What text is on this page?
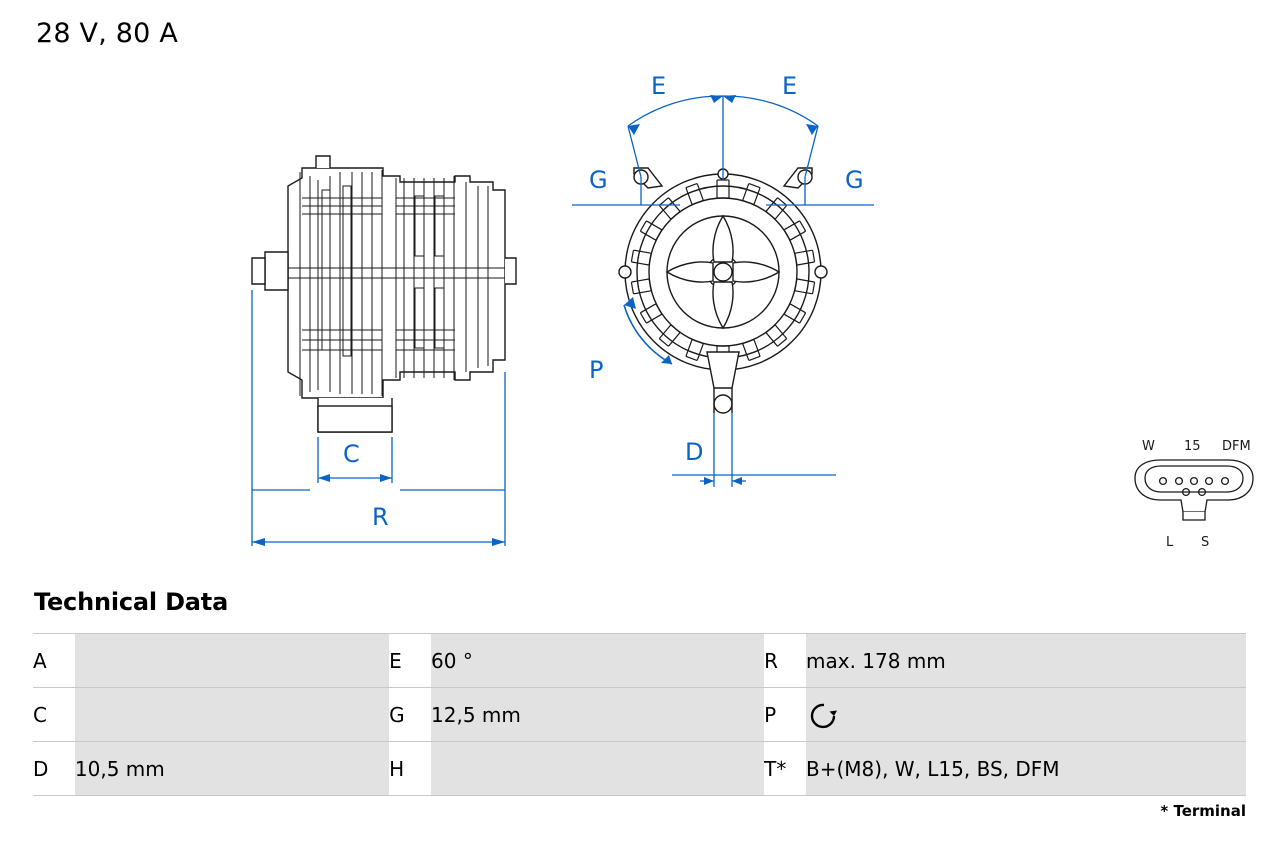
28 V, 80 A
C
R
E	E
G	G
P
D	W 15 DFM
L S
Technical Data
A		E	60 °	R	max. 178 mm
C		G	12,5 mm	P	
D	10,5 mm	H		T*	B+(M8), W, L15, BS, DFM
* Terminal
